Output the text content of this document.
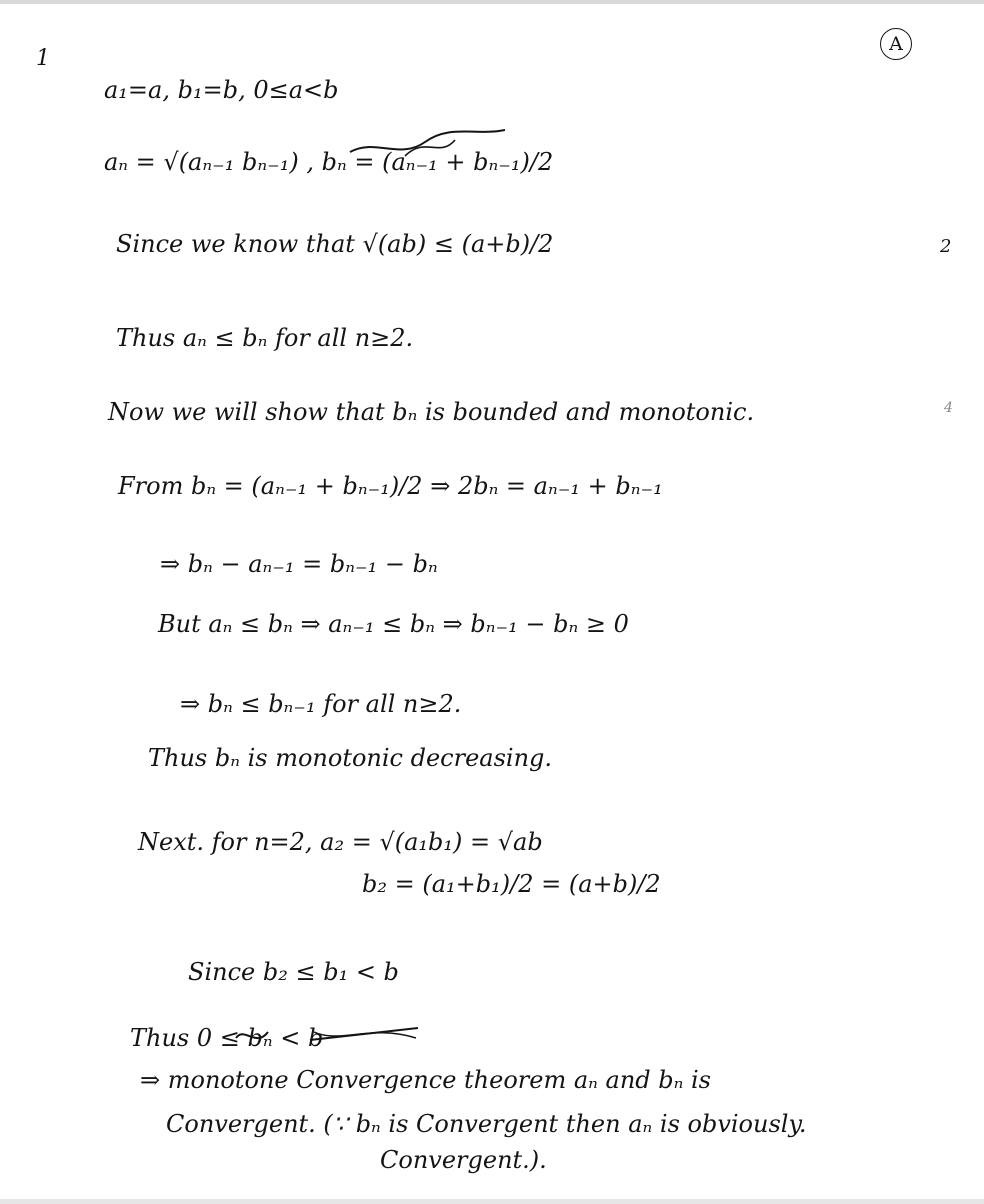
1
A
a₁=a, b₁=b, 0≤a<b
aₙ = √(aₙ₋₁ bₙ₋₁) , bₙ = (aₙ₋₁ + bₙ₋₁)/2
Since we know that √(ab) ≤ (a+b)/2
Thus aₙ ≤ bₙ for all n≥2.
Now we will show that bₙ is bounded and monotonic.
From bₙ = (aₙ₋₁ + bₙ₋₁)/2 ⇒ 2bₙ = aₙ₋₁ + bₙ₋₁
⇒ bₙ − aₙ₋₁ = bₙ₋₁ − bₙ
But aₙ ≤ bₙ ⇒ aₙ₋₁ ≤ bₙ ⇒ bₙ₋₁ − bₙ ≥ 0
⇒ bₙ ≤ bₙ₋₁ for all n≥2.
Thus bₙ is monotonic decreasing.
Next. for n=2, a₂ = √(a₁b₁) = √ab
b₂ = (a₁+b₁)/2 = (a+b)/2
Since b₂ ≤ b₁ < b
Thus 0 ≤ bₙ < b
⇒ monotone Convergence theorem aₙ and bₙ is
Convergent. (∵ bₙ is Convergent then aₙ is obviously.
Convergent.).
2
4
